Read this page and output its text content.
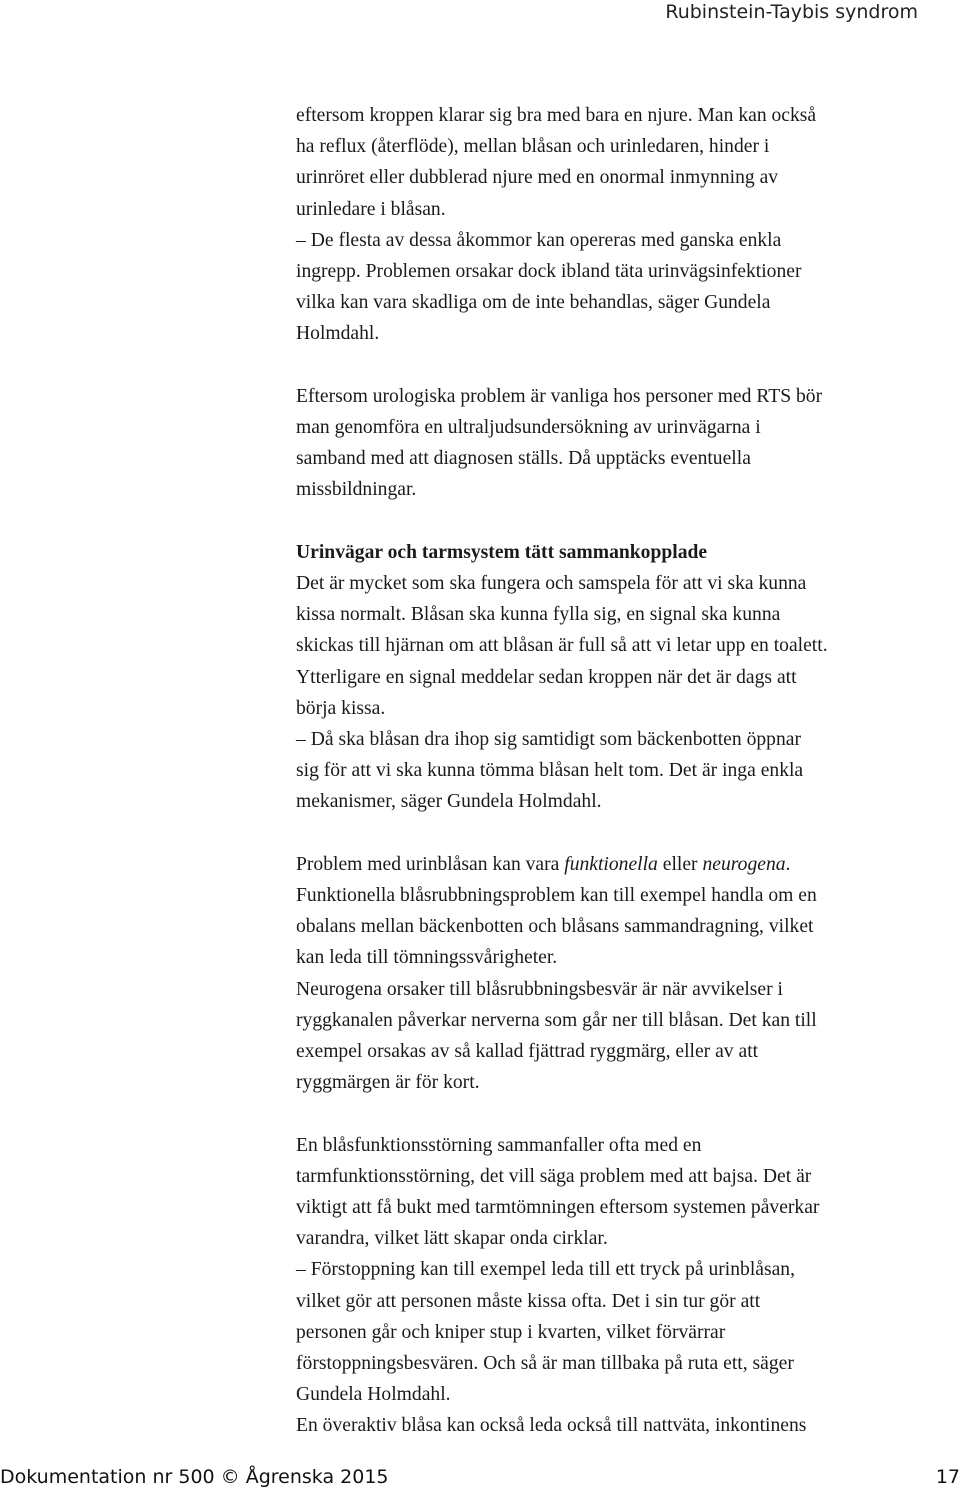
Rubinstein-Taybis syndrom
eftersom kroppen klarar sig bra med bara en njure. Man kan också
ha reflux (återflöde), mellan blåsan och urinledaren, hinder i
urinröret eller dubblerad njure med en onormal inmynning av
urinledare i blåsan.
– De flesta av dessa åkommor kan opereras med ganska enkla
ingrepp. Problemen orsakar dock ibland täta urinvägsinfektioner
vilka kan vara skadliga om de inte behandlas, säger Gundela
Holmdahl.
Eftersom urologiska problem är vanliga hos personer med RTS bör
man genomföra en ultraljudsundersökning av urinvägarna i
samband med att diagnosen ställs. Då upptäcks eventuella
missbildningar.
Urinvägar och tarmsystem tätt sammankopplade
Det är mycket som ska fungera och samspela för att vi ska kunna
kissa normalt. Blåsan ska kunna fylla sig, en signal ska kunna
skickas till hjärnan om att blåsan är full så att vi letar upp en toalett.
Ytterligare en signal meddelar sedan kroppen när det är dags att
börja kissa.
– Då ska blåsan dra ihop sig samtidigt som bäckenbotten öppnar
sig för att vi ska kunna tömma blåsan helt tom. Det är inga enkla
mekanismer, säger Gundela Holmdahl.
Problem med urinblåsan kan vara funktionella eller neurogena.
Funktionella blåsrubbningsproblem kan till exempel handla om en
obalans mellan bäckenbotten och blåsans sammandragning, vilket
kan leda till tömningssvårigheter.
Neurogena orsaker till blåsrubbningsbesvär är när avvikelser i
ryggkanalen påverkar nerverna som går ner till blåsan. Det kan till
exempel orsakas av så kallad fjättrad ryggmärg, eller av att
ryggmärgen är för kort.
En blåsfunktionsstörning sammanfaller ofta med en
tarmfunktionsstörning, det vill säga problem med att bajsa. Det är
viktigt att få bukt med tarmtömningen eftersom systemen påverkar
varandra, vilket lätt skapar onda cirklar.
– Förstoppning kan till exempel leda till ett tryck på urinblåsan,
vilket gör att personen måste kissa ofta. Det i sin tur gör att
personen går och kniper stup i kvarten, vilket förvärrar
förstoppningsbesvären. Och så är man tillbaka på ruta ett, säger
Gundela Holmdahl.
En överaktiv blåsa kan också leda också till nattväta, inkontinens
Dokumentation nr 500 © Ågrenska 2015	17
